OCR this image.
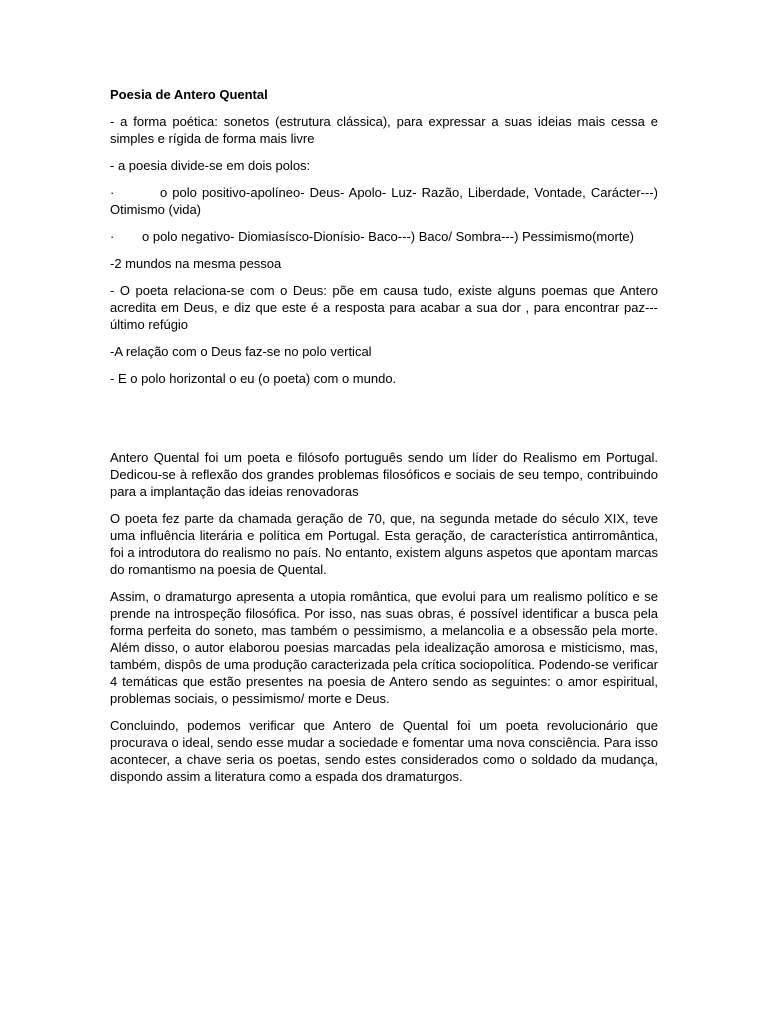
Poesia de Antero Quental

- a forma poética: sonetos (estrutura clássica), para expressar a suas ideias mais cessa e simples e rígida de forma mais livre

- a poesia divide-se em dois polos:

·	o polo positivo-apolíneo- Deus- Apolo- Luz- Razão, Liberdade, Vontade, Carácter---) Otimismo (vida)
· o polo negativo- Diomiasísco-Dionísio- Baco---) Baco/ Sombra---) Pessimismo(morte)

-2 mundos na mesma pessoa

- O poeta relaciona-se com o Deus: põe em causa tudo, existe alguns poemas que Antero acredita em Deus, e diz que este é a resposta para acabar a sua dor , para encontrar paz--- último refúgio

-A relação com o Deus faz-se no polo vertical

- E o polo horizontal o eu (o poeta) com o mundo.

Antero Quental foi um poeta e filósofo português sendo um líder do Realismo em Portugal. Dedicou-se à reflexão dos grandes problemas filosóficos e sociais de seu tempo, contribuindo para a implantação das ideias renovadoras

O poeta fez parte da chamada geração de 70, que, na segunda metade do século XIX, teve uma influência literária e política em Portugal. Esta geração, de característica antirromântica, foi a introdutora do realismo no país. No entanto, existem alguns aspetos que apontam marcas do romantismo na poesia de Quental.

Assim, o dramaturgo apresenta a utopia romântica, que evolui para um realismo político e se prende na introspeção filosófica. Por isso, nas suas obras, é possível identificar a busca pela forma perfeita do soneto, mas também o pessimismo, a melancolia e a obsessão pela morte. Além disso, o autor elaborou poesias marcadas pela idealização amorosa e misticismo, mas, também, dispôs de uma produção caracterizada pela crítica sociopolítica. Podendo-se verificar 4 temáticas que estão presentes na poesia de Antero sendo as seguintes: o amor espiritual, problemas sociais, o pessimismo/ morte e Deus.

Concluindo, podemos verificar que Antero de Quental foi um poeta revolucionário que procurava o ideal, sendo esse mudar a sociedade e fomentar uma nova consciência. Para isso acontecer, a chave seria os poetas, sendo estes considerados como o soldado da mudança, dispondo assim a literatura como a espada dos dramaturgos.
